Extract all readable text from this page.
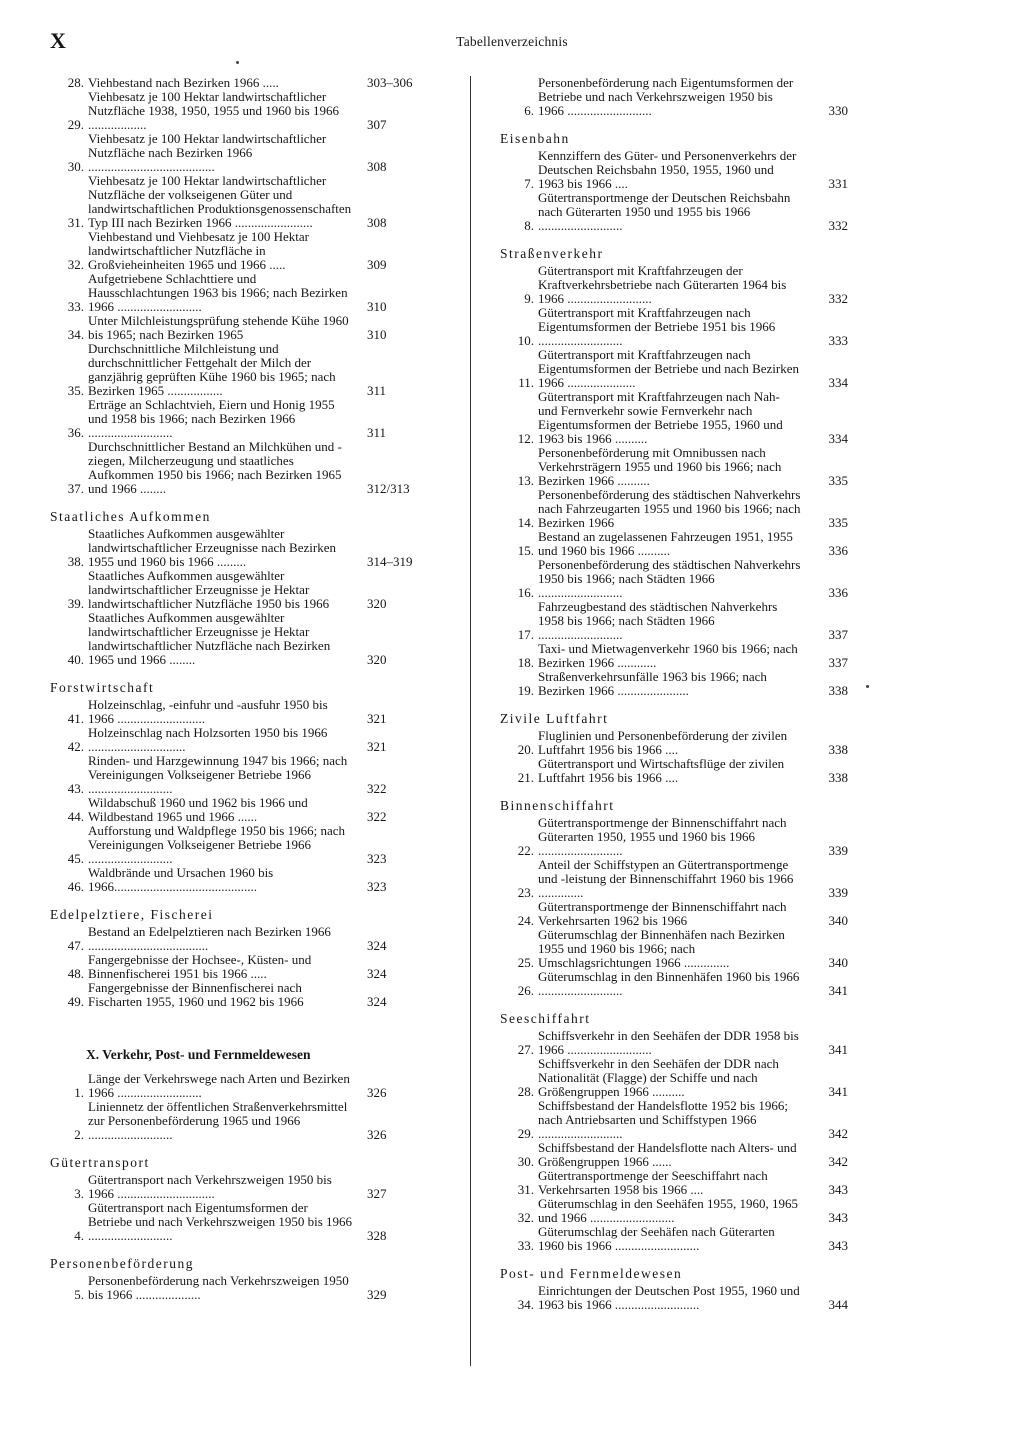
X	Tabellenverzeichnis
28. Viehbestand nach Bezirken 1966 .....	303–306
29.
Viehbesatz je 100 Hektar landwirtschaftlicher Nutzfläche 1938, 1950, 1955 und 1960 bis 1966 ..................	307
30.
Viehbesatz je 100 Hektar landwirtschaftlicher Nutzfläche nach Bezirken 1966 .......................................	308
31.
Viehbesatz je 100 Hektar landwirtschaftlicher Nutzfläche der volkseigenen Güter und landwirtschaftlichen Produktionsgenossenschaften Typ III nach Bezirken 1966 ........................	308
32.
Viehbestand und Viehbesatz je 100 Hektar landwirtschaftlicher Nutzfläche in Großvieheinheiten 1965 und 1966 .....	309
33.
Aufgetriebene Schlachttiere und Hausschlachtungen 1963 bis 1966; nach Bezirken 1966 ..........................	310
34.
Unter Milchleistungsprüfung stehende Kühe 1960 bis 1965; nach Bezirken 1965	310
35.
Durchschnittliche Milchleistung und durchschnittlicher Fettgehalt der Milch der ganzjährig geprüften Kühe 1960 bis 1965; nach Bezirken 1965 .................	311
36.
Erträge an Schlachtvieh, Eiern und Honig 1955 und 1958 bis 1966; nach Bezirken 1966 ..........................	311
37.
Durchschnittlicher Bestand an Milchkühen und -ziegen, Milcherzeugung und staatliches Aufkommen 1950 bis 1966; nach Bezirken 1965 und 1966 ........	312/313
Staatliches Aufkommen
38.
Staatliches Aufkommen ausgewählter landwirtschaftlicher Erzeugnisse nach Bezirken 1955 und 1960 bis 1966 .........	314–319
39.
Staatliches Aufkommen ausgewählter landwirtschaftlicher Erzeugnisse je Hektar landwirtschaftlicher Nutzfläche 1950 bis 1966	320
40.
Staatliches Aufkommen ausgewählter landwirtschaftlicher Erzeugnisse je Hektar landwirtschaftlicher Nutzfläche nach Bezirken 1965 und 1966 ........	320
Forstwirtschaft
41.
Holzeinschlag, -einfuhr und -ausfuhr 1950 bis 1966 ...........................	321
42.
Holzeinschlag nach Holzsorten 1950 bis 1966 ..............................	321
43.
Rinden- und Harzgewinnung 1947 bis 1966; nach Vereinigungen Volkseigener Betriebe 1966 ..........................	322
44.
Wildabschuß 1960 und 1962 bis 1966 und Wildbestand 1965 und 1966 ......	322
45.
Aufforstung und Waldpflege 1950 bis 1966; nach Vereinigungen Volkseigener Betriebe 1966 ..........................	323
46.
Waldbrände und Ursachen 1960 bis 1966............................................	323
Edelpelztiere, Fischerei
47.
Bestand an Edelpelztieren nach Bezirken 1966 .....................................	324
48.
Fangergebnisse der Hochsee-, Küsten- und Binnenfischerei 1951 bis 1966 .....	324
49.
Fangergebnisse der Binnenfischerei nach Fischarten 1955, 1960 und 1962 bis 1966	324
X. Verkehr, Post- und Fernmeldewesen
1.
Länge der Verkehrswege nach Arten und Bezirken 1966 ..........................	326
2.
Liniennetz der öffentlichen Straßenverkehrsmittel zur Personenbeförderung 1965 und 1966 ..........................	326
Gütertransport
3.
Gütertransport nach Verkehrszweigen 1950 bis 1966 ..............................	327
4.
Gütertransport nach Eigentumsformen der Betriebe und nach Verkehrszweigen 1950 bis 1966 ..........................	328
Personenbeförderung
5.
Personenbeförderung nach Verkehrszweigen 1950 bis 1966 ....................	329
6.
Personenbeförderung nach Eigentumsformen der Betriebe und nach Verkehrszweigen 1950 bis 1966 ..........................	330
Eisenbahn
7.
Kennziffern des Güter- und Personenverkehrs der Deutschen Reichsbahn 1950, 1955, 1960 und 1963 bis 1966 ....	331
8.
Gütertransportmenge der Deutschen Reichsbahn nach Güterarten 1950 und 1955 bis 1966 ..........................	332
Straßenverkehr
9.
Gütertransport mit Kraftfahrzeugen der Kraftverkehrsbetriebe nach Güterarten 1964 bis 1966 ..........................	332
10.
Gütertransport mit Kraftfahrzeugen nach Eigentumsformen der Betriebe 1951 bis 1966 ..........................	333
11.
Gütertransport mit Kraftfahrzeugen nach Eigentumsformen der Betriebe und nach Bezirken 1966 .....................	334
12.
Gütertransport mit Kraftfahrzeugen nach Nah- und Fernverkehr sowie Fernverkehr nach Eigentumsformen der Betriebe 1955, 1960 und 1963 bis 1966 ..........	334
13.
Personenbeförderung mit Omnibussen nach Verkehrsträgern 1955 und 1960 bis 1966; nach Bezirken 1966 ..........	335
14.
Personenbeförderung des städtischen Nahverkehrs nach Fahrzeugarten 1955 und 1960 bis 1966; nach Bezirken 1966	335
15.
Bestand an zugelassenen Fahrzeugen 1951, 1955 und 1960 bis 1966 ..........	336
16.
Personenbeförderung des städtischen Nahverkehrs 1950 bis 1966; nach Städten 1966 ..........................	336
17.
Fahrzeugbestand des städtischen Nahverkehrs 1958 bis 1966; nach Städten 1966 ..........................	337
18.
Taxi- und Mietwagenverkehr 1960 bis 1966; nach Bezirken 1966 ............	337
19.
Straßenverkehrsunfälle 1963 bis 1966; nach Bezirken 1966 ......................	338
Zivile Luftfahrt
20.
Fluglinien und Personenbeförderung der zivilen Luftfahrt 1956 bis 1966 ....	338
21.
Gütertransport und Wirtschaftsflüge der zivilen Luftfahrt 1956 bis 1966 ....	338
Binnenschiffahrt
22.
Gütertransportmenge der Binnenschiffahrt nach Güterarten 1950, 1955 und 1960 bis 1966 ..........................	339
23.
Anteil der Schiffstypen an Gütertransportmenge und -leistung der Binnenschiffahrt 1960 bis 1966 ..............	339
24.
Gütertransportmenge der Binnenschiffahrt nach Verkehrsarten 1962 bis 1966	340
25.
Güterumschlag der Binnenhäfen nach Bezirken 1955 und 1960 bis 1966; nach Umschlagsrichtungen 1966 ..............	340
26.
Güterumschlag in den Binnenhäfen 1960 bis 1966 ..........................	341
Seeschiffahrt
27.
Schiffsverkehr in den Seehäfen der DDR 1958 bis 1966 ..........................	341
28.
Schiffsverkehr in den Seehäfen der DDR nach Nationalität (Flagge) der Schiffe und nach Größengruppen 1966 ..........	341
29.
Schiffsbestand der Handelsflotte 1952 bis 1966; nach Antriebsarten und Schiffstypen 1966 ..........................	342
30.
Schiffsbestand der Handelsflotte nach Alters- und Größengruppen 1966 ......	342
31.
Gütertransportmenge der Seeschiffahrt nach Verkehrsarten 1958 bis 1966 ....	343
32.
Güterumschlag in den Seehäfen 1955, 1960, 1965 und 1966 ..........................	343
33.
Güterumschlag der Seehäfen nach Güterarten 1960 bis 1966 ..........................	343
Post- und Fernmeldewesen
34.
Einrichtungen der Deutschen Post 1955, 1960 und 1963 bis 1966 ..........................	344
